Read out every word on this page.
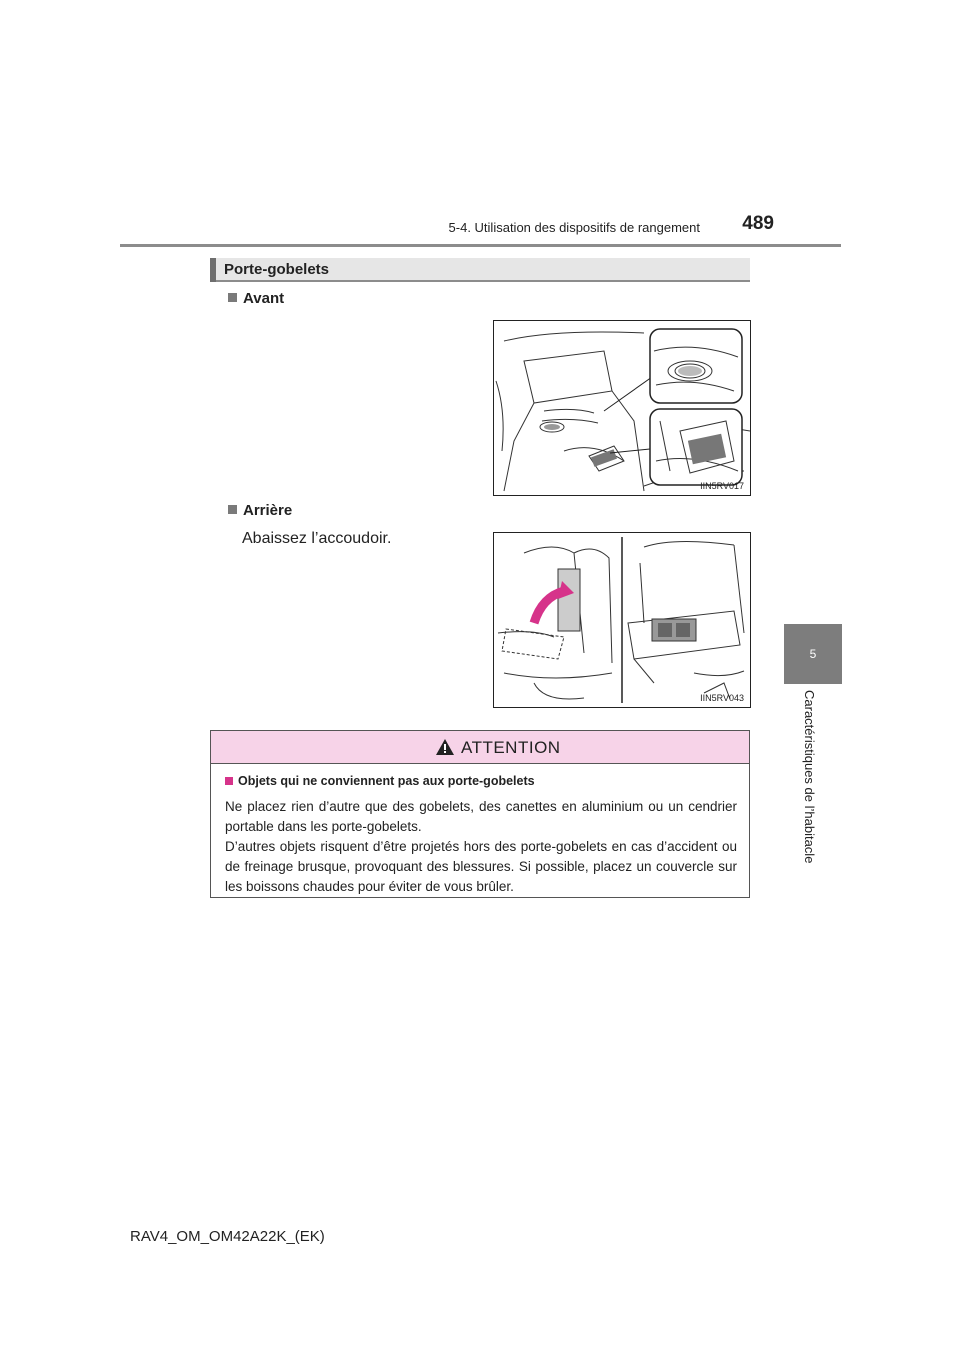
5-4. Utilisation des dispositifs de rangement	489
5
Caractéristiques de l’habitacle
Porte-gobelets
Avant
IIN5RV017
Arrière
Abaissez l’accoudoir.
IIN5RV043
ATTENTION
Objets qui ne conviennent pas aux porte-gobelets

Ne placez rien d’autre que des gobelets, des canettes en aluminium ou un cendrier portable dans les porte-gobelets.

D’autres objets risquent d’être projetés hors des porte-gobelets en cas d’accident ou de freinage brusque, provoquant des blessures. Si possible, placez un couvercle sur les boissons chaudes pour éviter de vous brûler.

RAV4_OM_OM42A22K_(EK)
